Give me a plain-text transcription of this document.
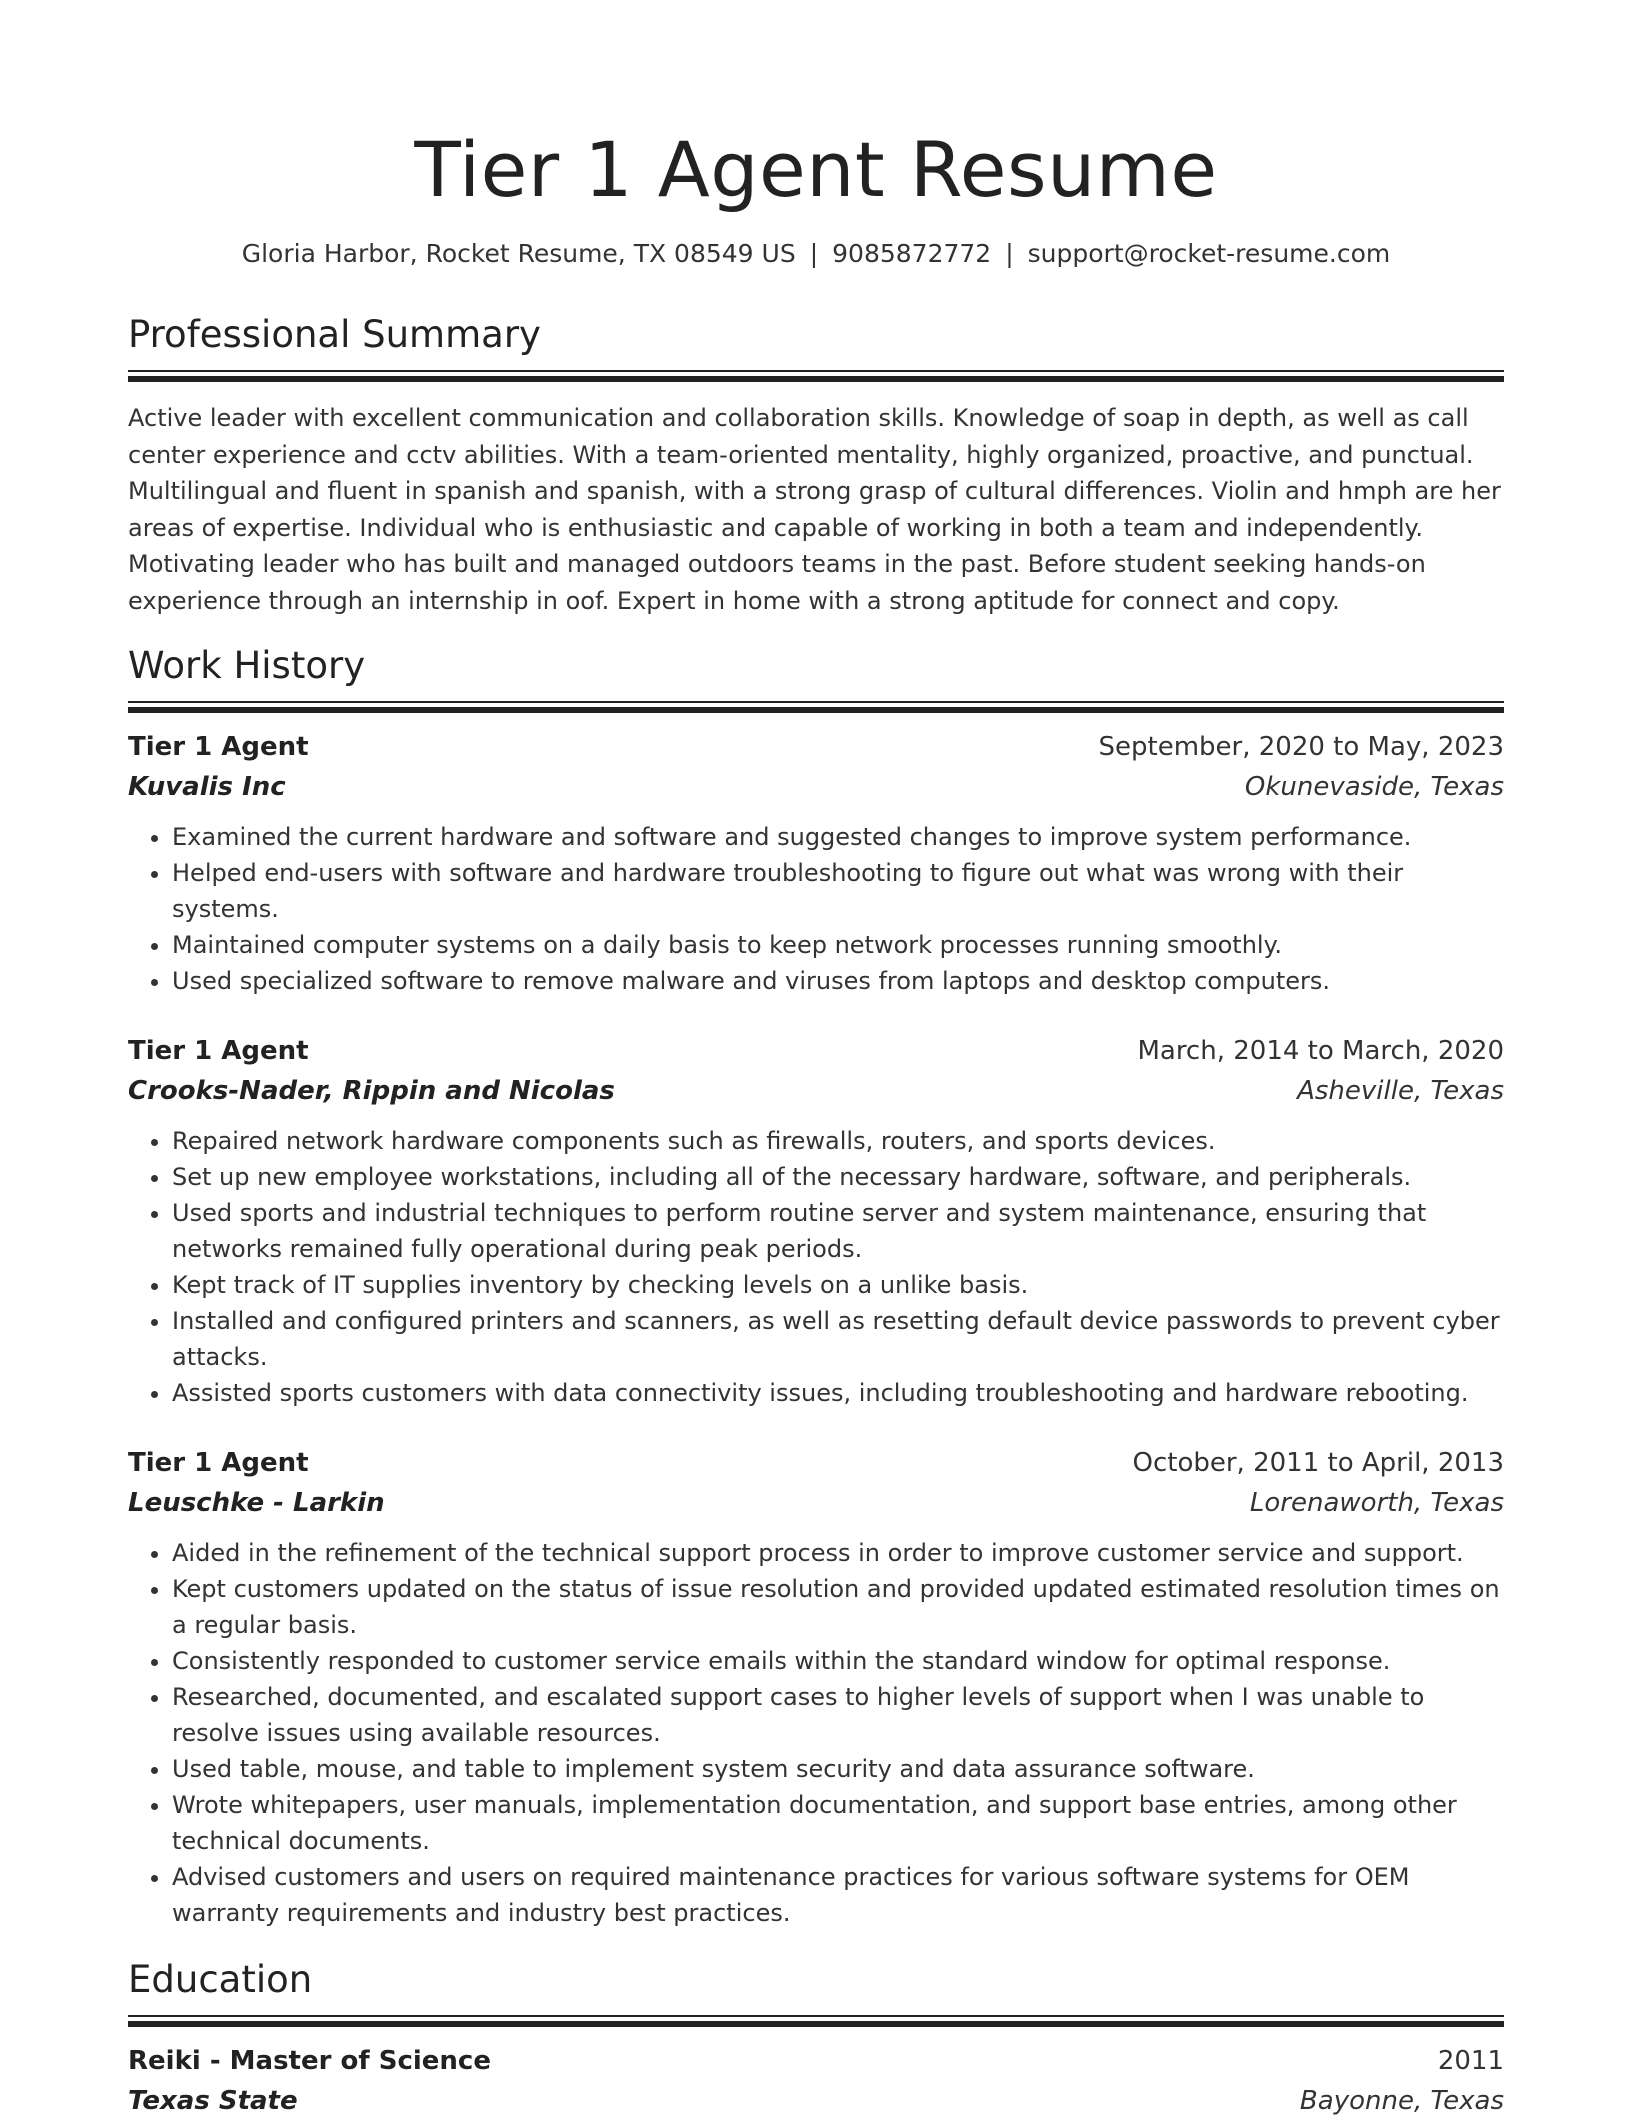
Tier 1 Agent Resume
Gloria Harbor, Rocket Resume, TX 08549 US | 9085872772 | support@rocket-resume.com
Professional Summary

Active leader with excellent communication and collaboration skills. Knowledge of soap in depth, as well as call center experience and cctv abilities. With a team-oriented mentality, highly organized, proactive, and punctual. Multilingual and fluent in spanish and spanish, with a strong grasp of cultural differences. Violin and hmph are her areas of expertise. Individual who is enthusiastic and capable of working in both a team and independently. Motivating leader who has built and managed outdoors teams in the past. Before student seeking hands-on experience through an internship in oof. Expert in home with a strong aptitude for connect and copy.

Work History
Tier 1 Agent	September, 2020 to May, 2023
Kuvalis Inc	Okunevaside, Texas
• Examined the current hardware and software and suggested changes to improve system performance.
• Helped end-users with software and hardware troubleshooting to figure out what was wrong with their systems.
• Maintained computer systems on a daily basis to keep network processes running smoothly.
• Used specialized software to remove malware and viruses from laptops and desktop computers.
Tier 1 Agent	March, 2014 to March, 2020
Crooks-Nader, Rippin and Nicolas	Asheville, Texas
• Repaired network hardware components such as firewalls, routers, and sports devices.
• Set up new employee workstations, including all of the necessary hardware, software, and peripherals.
• Used sports and industrial techniques to perform routine server and system maintenance, ensuring that networks remained fully operational during peak periods.
• Kept track of IT supplies inventory by checking levels on a unlike basis.
• Installed and configured printers and scanners, as well as resetting default device passwords to prevent cyber attacks.
• Assisted sports customers with data connectivity issues, including troubleshooting and hardware rebooting.
Tier 1 Agent	October, 2011 to April, 2013
Leuschke - Larkin	Lorenaworth, Texas
• Aided in the refinement of the technical support process in order to improve customer service and support.
• Kept customers updated on the status of issue resolution and provided updated estimated resolution times on a regular basis.
• Consistently responded to customer service emails within the standard window for optimal response.
• Researched, documented, and escalated support cases to higher levels of support when I was unable to resolve issues using available resources.
• Used table, mouse, and table to implement system security and data assurance software.
• Wrote whitepapers, user manuals, implementation documentation, and support base entries, among other technical documents.
• Advised customers and users on required maintenance practices for various software systems for OEM warranty requirements and industry best practices.
Education
Reiki - Master of Science	2011
Texas State	Bayonne, Texas
